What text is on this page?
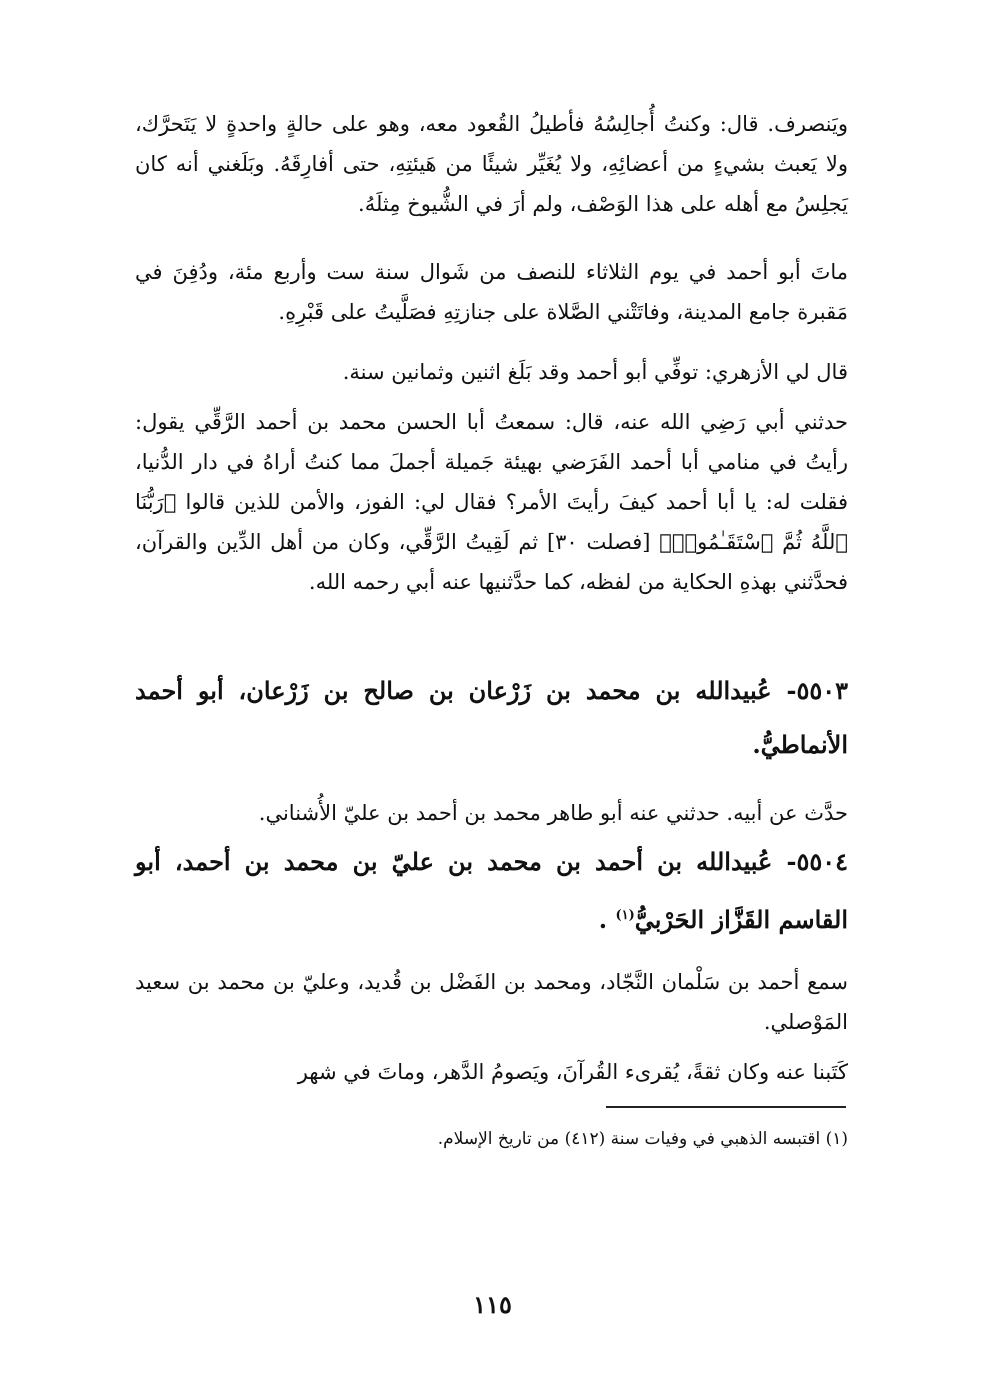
ويَنصرف. قال: وكنتُ أُجالِسُهُ فأطيلُ القُعود معه، وهو على حالةٍ واحدةٍ لا يَتَحرَّك، ولا يَعبث بشيءٍ من أعضائِهِ، ولا يُغَيِّر شيئًا من هَيئتِهِ، حتى أفارِقَهُ. وبَلَغني أنه كان يَجلِسُ مع أهله على هذا الوَصْف، ولم أرَ في الشُّيوخ مِثلَهُ.

ماتَ أبو أحمد في يوم الثلاثاء للنصف من شَوال سنة ست وأربع مئة، ودُفِنَ في مَقبرة جامع المدينة، وفاتَتْني الصَّلاة على جنازتِهِ فصَلَّيتُ على قَبْرِهِ.

قال لي الأزهري: توفِّي أبو أحمد وقد بَلَغ اثنين وثمانين سنة.

حدثني أبي رَضِي الله عنه، قال: سمعتُ أبا الحسن محمد بن أحمد الرَّقِّي يقول: رأيتُ في منامي أبا أحمد الفَرَضي بهيئة جَميلة أجملَ مما كنتُ أراهُ في دار الدُّنيا، فقلت له: يا أبا أحمد كيفَ رأيتَ الأمر؟ فقال لي: الفوز، والأمن للذين قالوا ﴿رَبُّنَا ٱللَّهُ ثُمَّ ٱسْتَقَـٰمُوا۟﴾ [فصلت ٣٠] ثم لَقِيتُ الرَّقِّي، وكان من أهل الدِّين والقرآن، فحدَّثني بهذهِ الحكاية من لفظه، كما حدَّثنيها عنه أبي رحمه الله.

٥٥٠٣- عُبيدالله بن محمد بن زَرْعان بن صالح بن زَرْعان، أبو أحمد الأنماطيُّ.

حدَّث عن أبيه. حدثني عنه أبو طاهر محمد بن أحمد بن عليّ الأُشناني.

٥٥٠٤- عُبيدالله بن أحمد بن محمد بن عليّ بن محمد بن أحمد، أبو القاسم القَزَّاز الحَرْبيُّ$^{(١)}$ .

سمع أحمد بن سَلْمان النَّجّاد، ومحمد بن الفَضْل بن قُديد، وعليّ بن محمد بن سعيد المَوْصلي.

كَتَبنا عنه وكان ثقةً، يُقرىء القُرآنَ، ويَصومُ الدَّهر، وماتَ في شهر

(١) اقتبسه الذهبي في وفيات سنة (٤١٢) من تاريخ الإسلام.
١١٥
